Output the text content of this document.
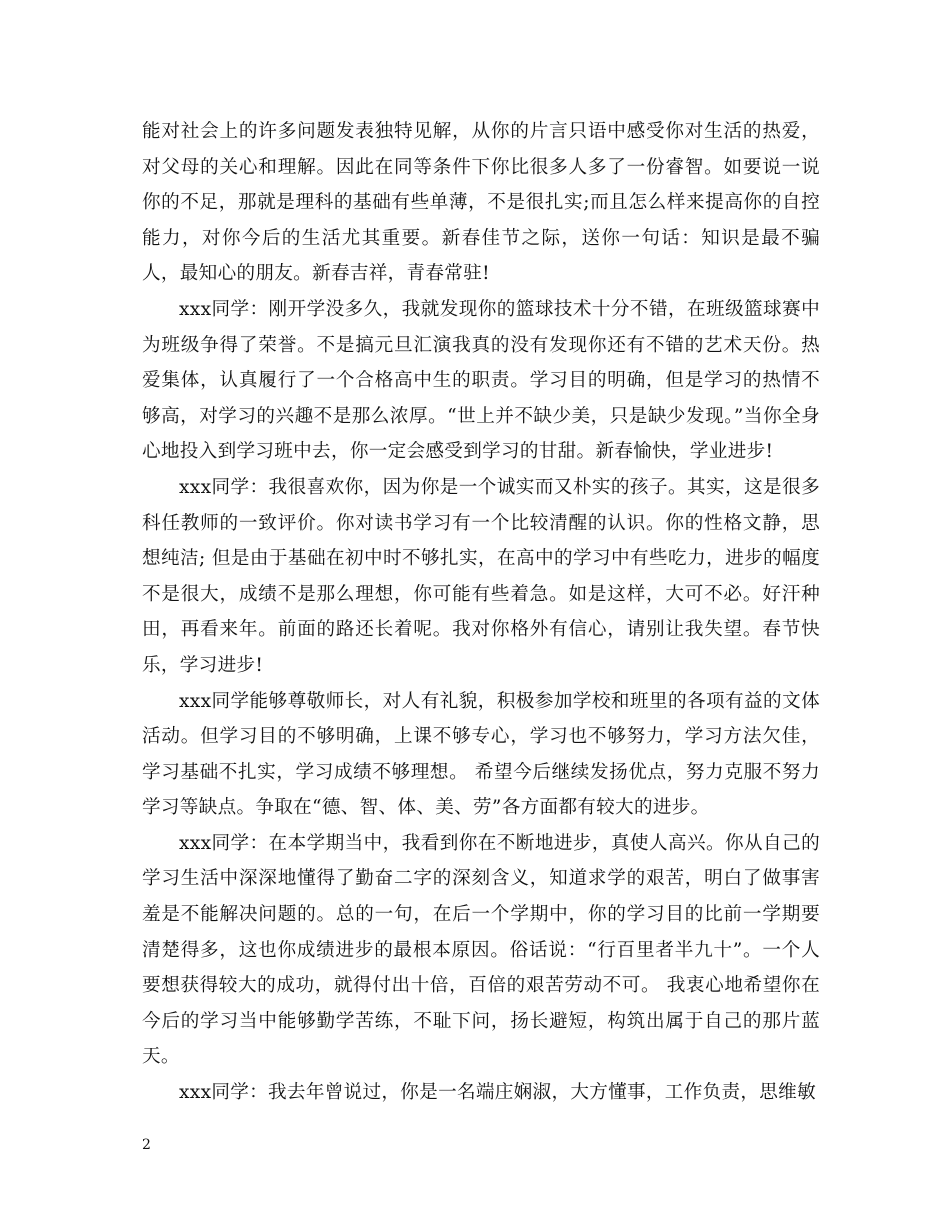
能对社会上的许多问题发表独特见解，从你的片言只语中感受你对生活的热爱，对父母的关心和理解。因此在同等条件下你比很多人多了一份睿智。如要说一说你的不足，那就是理科的基础有些单薄，不是很扎实;而且怎么样来提高你的自控能力，对你今后的生活尤其重要。新春佳节之际，送你一句话：知识是最不骗人，最知心的朋友。新春吉祥，青春常驻!

xxx同学：刚开学没多久，我就发现你的篮球技术十分不错，在班级篮球赛中为班级争得了荣誉。不是搞元旦汇演我真的没有发现你还有不错的艺术天份。热爱集体，认真履行了一个合格高中生的职责。学习目的明确，但是学习的热情不够高，对学习的兴趣不是那么浓厚。“世上并不缺少美，只是缺少发现。”当你全身心地投入到学习班中去，你一定会感受到学习的甘甜。新春愉快，学业进步!

xxx同学：我很喜欢你，因为你是一个诚实而又朴实的孩子。其实，这是很多科任教师的一致评价。你对读书学习有一个比较清醒的认识。你的性格文静，思想纯洁; 但是由于基础在初中时不够扎实，在高中的学习中有些吃力，进步的幅度不是很大，成绩不是那么理想，你可能有些着急。如是这样，大可不必。好汗种田，再看来年。前面的路还长着呢。我对你格外有信心，请别让我失望。春节快乐，学习进步!

xxx同学能够尊敬师长，对人有礼貌，积极参加学校和班里的各项有益的文体活动。但学习目的不够明确，上课不够专心，学习也不够努力，学习方法欠佳，学习基础不扎实，学习成绩不够理想。 希望今后继续发扬优点，努力克服不努力学习等缺点。争取在“德、智、体、美、劳”各方面都有较大的进步。

xxx同学：在本学期当中，我看到你在不断地进步，真使人高兴。你从自己的学习生活中深深地懂得了勤奋二字的深刻含义，知道求学的艰苦，明白了做事害羞是不能解决问题的。总的一句，在后一个学期中，你的学习目的比前一学期要清楚得多，这也你成绩进步的最根本原因。俗话说：“行百里者半九十”。一个人要想获得较大的成功，就得付出十倍，百倍的艰苦劳动不可。 我衷心地希望你在今后的学习当中能够勤学苦练，不耻下问，扬长避短，构筑出属于自己的那片蓝天。

xxx同学：我去年曾说过，你是一名端庄娴淑，大方懂事，工作负责，思维敏

2
